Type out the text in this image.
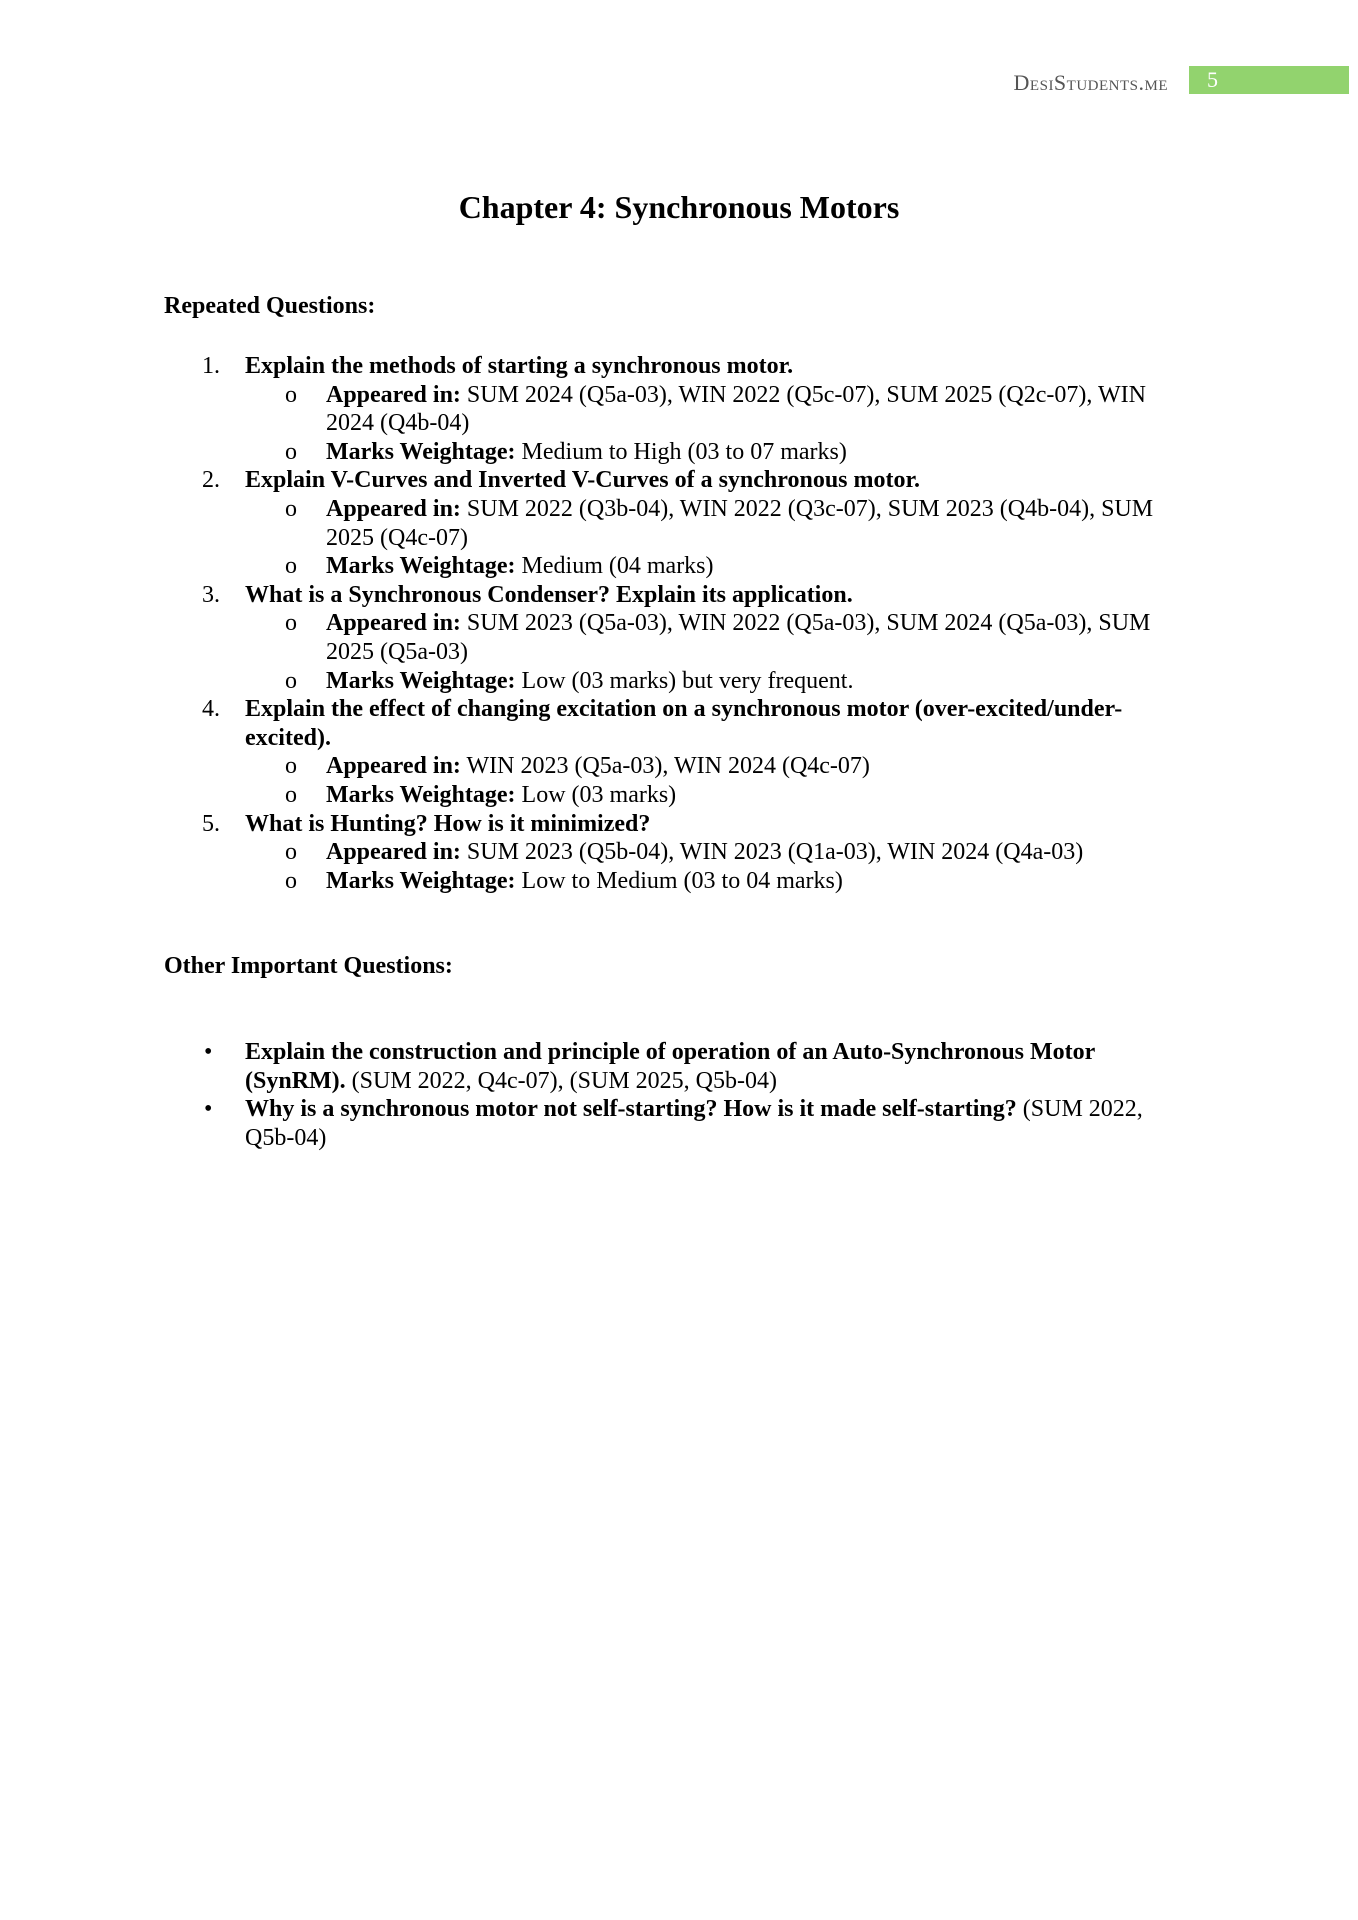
DesiStudents.me	5
Chapter 4: Synchronous Motors
Repeated Questions:
1. Explain the methods of starting a synchronous motor.
o Appeared in: SUM 2024 (Q5a-03), WIN 2022 (Q5c-07), SUM 2025 (Q2c-07), WIN 2024 (Q4b-04)
o Marks Weightage: Medium to High (03 to 07 marks)
2. Explain V-Curves and Inverted V-Curves of a synchronous motor.
o Appeared in: SUM 2022 (Q3b-04), WIN 2022 (Q3c-07), SUM 2023 (Q4b-04), SUM 2025 (Q4c-07)
o Marks Weightage: Medium (04 marks)
3. What is a Synchronous Condenser? Explain its application.
o Appeared in: SUM 2023 (Q5a-03), WIN 2022 (Q5a-03), SUM 2024 (Q5a-03), SUM 2025 (Q5a-03)
o Marks Weightage: Low (03 marks) but very frequent.
4. Explain the effect of changing excitation on a synchronous motor (over-excited/under-excited).
o Appeared in: WIN 2023 (Q5a-03), WIN 2024 (Q4c-07)
o Marks Weightage: Low (03 marks)
5. What is Hunting? How is it minimized?
o Appeared in: SUM 2023 (Q5b-04), WIN 2023 (Q1a-03), WIN 2024 (Q4a-03)
o Marks Weightage: Low to Medium (03 to 04 marks)
Other Important Questions:
• Explain the construction and principle of operation of an Auto-Synchronous Motor (SynRM). (SUM 2022, Q4c-07), (SUM 2025, Q5b-04)
• Why is a synchronous motor not self-starting? How is it made self-starting? (SUM 2022, Q5b-04)
